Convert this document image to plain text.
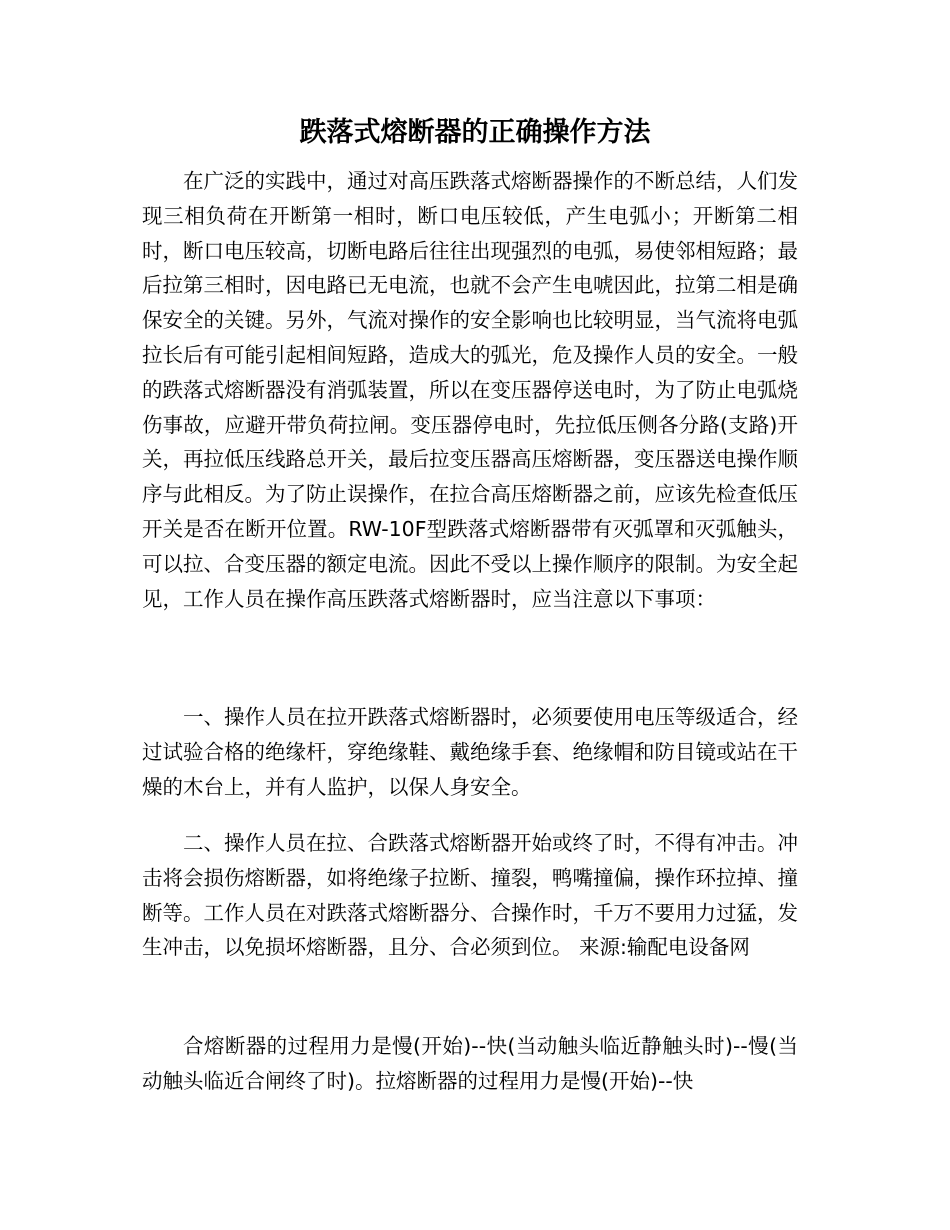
跌落式熔断器的正确操作方法

在广泛的实践中，通过对高压跌落式熔断器操作的不断总结，人们发现三相负荷在开断第一相时，断口电压较低，产生电弧小；开断第二相时，断口电压较高，切断电路后往往出现强烈的电弧，易使邻相短路；最后拉第三相时，因电路已无电流，也就不会产生电唬因此，拉第二相是确保安全的关键。另外，气流对操作的安全影响也比较明显，当气流将电弧拉长后有可能引起相间短路，造成大的弧光，危及操作人员的安全。一般的跌落式熔断器没有消弧装置，所以在变压器停送电时，为了防止电弧烧伤事故，应避开带负荷拉闸。变压器停电时，先拉低压侧各分路(支路)开关，再拉低压线路总开关，最后拉变压器高压熔断器，变压器送电操作顺序与此相反。为了防止误操作，在拉合高压熔断器之前，应该先检查低压开关是否在断开位置。RW-10F型跌落式熔断器带有灭弧罩和灭弧触头，可以拉、合变压器的额定电流。因此不受以上操作顺序的限制。为安全起见，工作人员在操作高压跌落式熔断器时，应当注意以下事项：

一、操作人员在拉开跌落式熔断器时，必须要使用电压等级适合，经过试验合格的绝缘杆，穿绝缘鞋、戴绝缘手套、绝缘帽和防目镜或站在干燥的木台上，并有人监护，以保人身安全。

二、操作人员在拉、合跌落式熔断器开始或终了时，不得有冲击。冲击将会损伤熔断器，如将绝缘子拉断、撞裂，鸭嘴撞偏，操作环拉掉、撞断等。工作人员在对跌落式熔断器分、合操作时，千万不要用力过猛，发生冲击，以免损坏熔断器，且分、合必须到位。 来源:输配电设备网

合熔断器的过程用力是慢(开始)--快(当动触头临近静触头时)--慢(当动触头临近合闸终了时)。拉熔断器的过程用力是慢(开始)--快
